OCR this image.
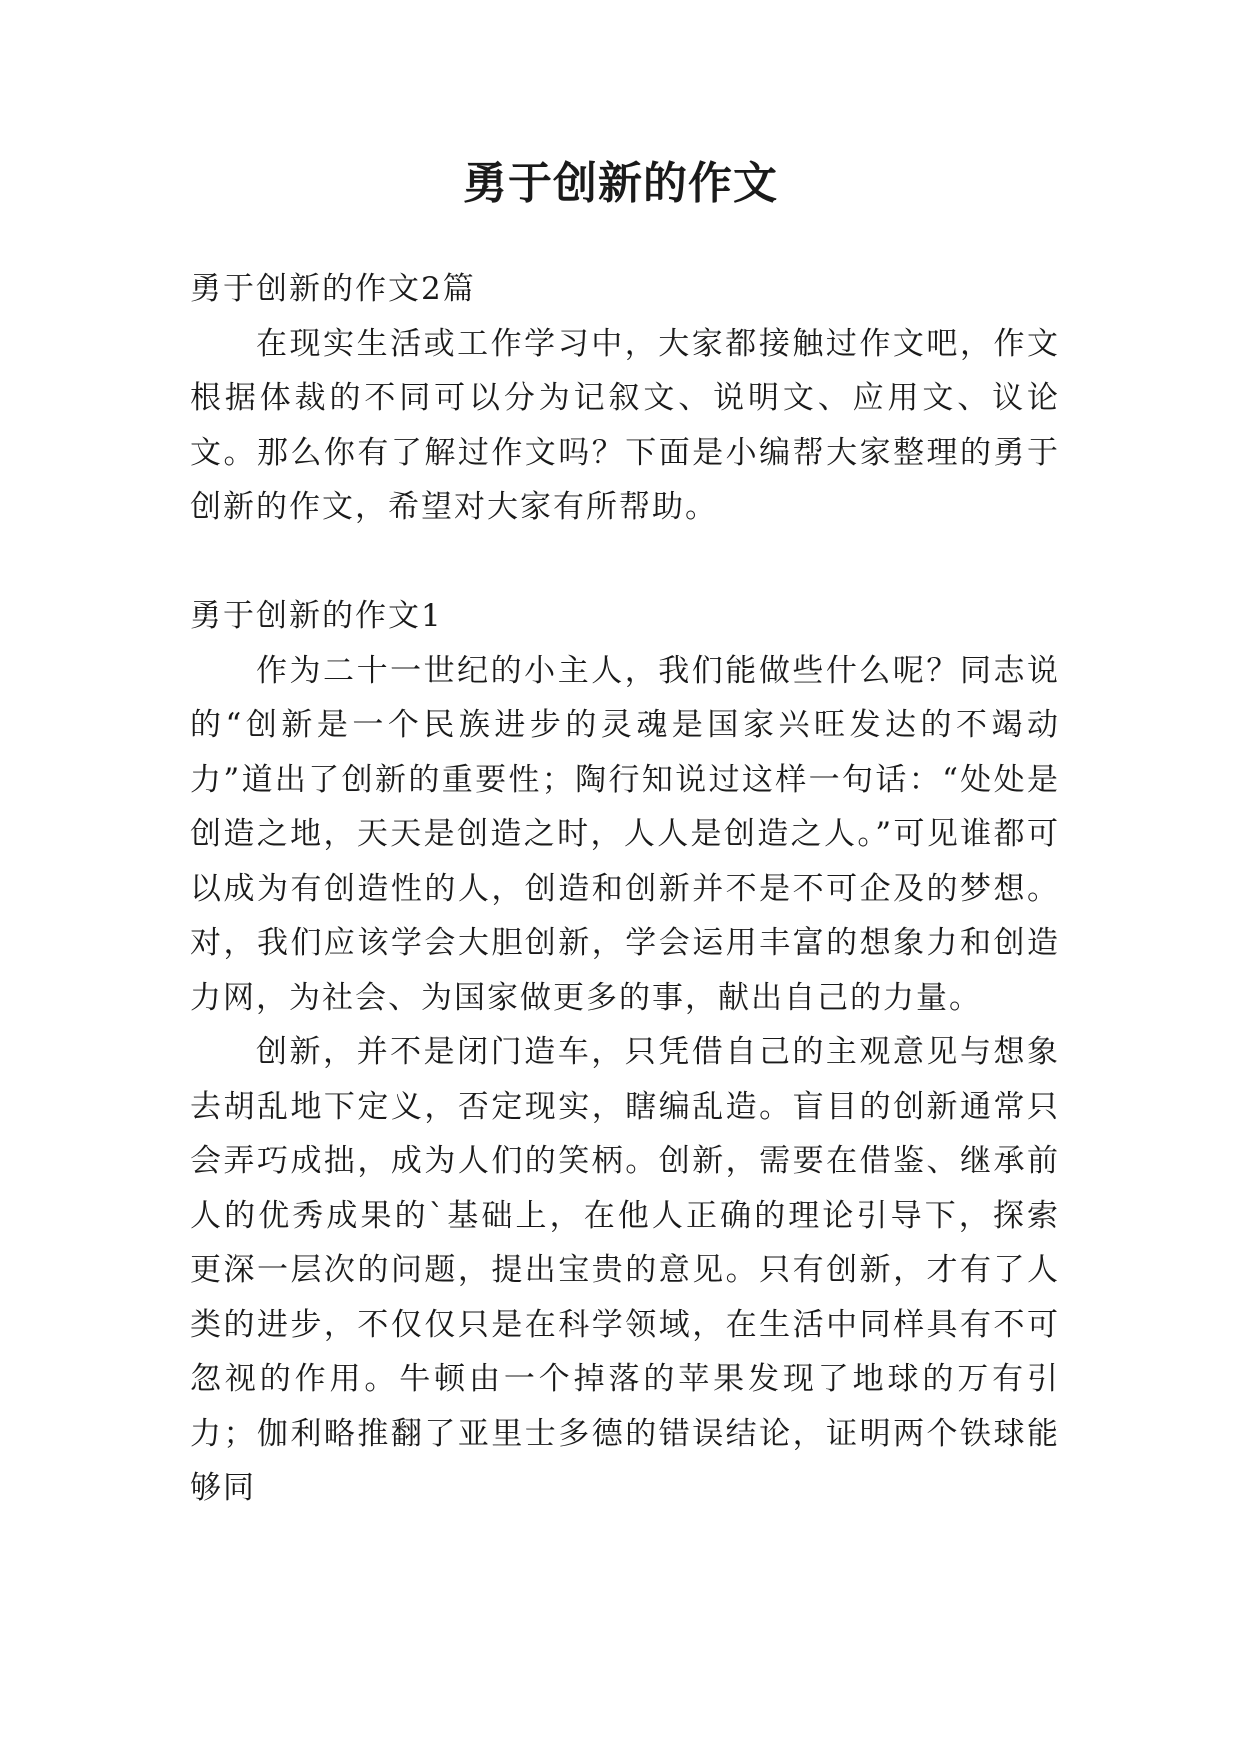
勇于创新的作文

勇于创新的作文2篇

在现实生活或工作学习中，大家都接触过作文吧，作文根据体裁的不同可以分为记叙文、说明文、应用文、议论文。那么你有了解过作文吗？下面是小编帮大家整理的勇于创新的作文，希望对大家有所帮助。

勇于创新的作文1

作为二十一世纪的小主人，我们能做些什么呢？同志说的“创新是一个民族进步的灵魂是国家兴旺发达的不竭动力”道出了创新的重要性；陶行知说过这样一句话：“处处是创造之地，天天是创造之时，人人是创造之人。”可见谁都可以成为有创造性的人，创造和创新并不是不可企及的梦想。对，我们应该学会大胆创新，学会运用丰富的想象力和创造力网，为社会、为国家做更多的事，献出自己的力量。

创新，并不是闭门造车，只凭借自己的主观意见与想象去胡乱地下定义，否定现实，瞎编乱造。盲目的创新通常只会弄巧成拙，成为人们的笑柄。创新，需要在借鉴、继承前人的优秀成果的`基础上，在他人正确的理论引导下，探索更深一层次的问题，提出宝贵的意见。只有创新，才有了人类的进步，不仅仅只是在科学领域，在生活中同样具有不可忽视的作用。牛顿由一个掉落的苹果发现了地球的万有引力；伽利略推翻了亚里士多德的错误结论，证明两个铁球能够同
